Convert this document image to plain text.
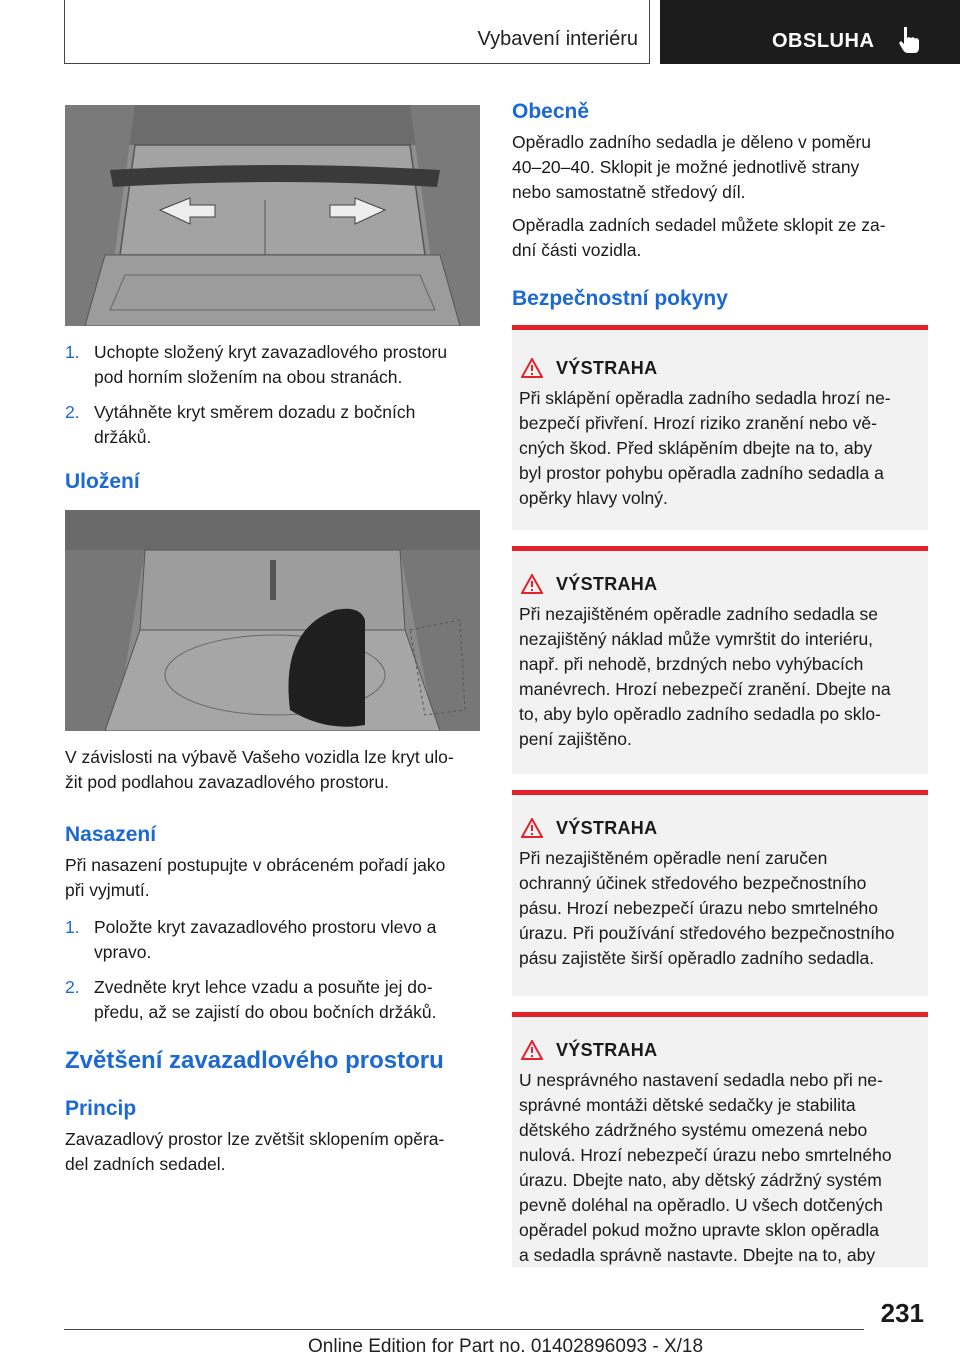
Vybavení interiéru	OBSLUHA
1. Uchopte složený kryt zavazadlového prostoru
pod horním složením na obou stranách.
2. Vytáhněte kryt směrem dozadu z bočních
držáků.
Uložení

V závislosti na výbavě Vašeho vozidla lze kryt ulo-
žit pod podlahou zavazadlového prostoru.

Nasazení

Při nasazení postupujte v obráceném pořadí jako
při vyjmutí.

1. Položte kryt zavazadlového prostoru vlevo a
vpravo.
2. Zvedněte kryt lehce vzadu a posuňte jej do-
předu, až se zajistí do obou bočních držáků.
Zvětšení zavazadlového prostoru
Princip

Zavazadlový prostor lze zvětšit sklopením opěra-
del zadních sedadel.

Obecně

Opěradlo zadního sedadla je děleno v poměru
40–20–40. Sklopit je možné jednotlivě strany
nebo samostatně středový díl.

Opěradla zadních sedadel můžete sklopit ze za-
dní části vozidla.

Bezpečnostní pokyny
VÝSTRAHA
Při sklápění opěradla zadního sedadla hrozí ne-
bezpečí přivření. Hrozí riziko zranění nebo vě-
cných škod. Před sklápěním dbejte na to, aby
byl prostor pohybu opěradla zadního sedadla a
opěrky hlavy volný.
VÝSTRAHA
Při nezajištěném opěradle zadního sedadla se
nezajištěný náklad může vymrštit do interiéru,
např. při nehodě, brzdných nebo vyhýbacích
manévrech. Hrozí nebezpečí zranění. Dbejte na
to, aby bylo opěradlo zadního sedadla po sklo-
pení zajištěno.
VÝSTRAHA
Při nezajištěném opěradle není zaručen
ochranný účinek středového bezpečnostního
pásu. Hrozí nebezpečí úrazu nebo smrtelného
úrazu. Při používání středového bezpečnostního
pásu zajistěte širší opěradlo zadního sedadla.
VÝSTRAHA
U nesprávného nastavení sedadla nebo při ne-
správné montáži dětské sedačky je stabilita
dětského zádržného systému omezená nebo
nulová. Hrozí nebezpečí úrazu nebo smrtelného
úrazu. Dbejte nato, aby dětský zádržný systém
pevně doléhal na opěradlo. U všech dotčených
opěradel pokud možno upravte sklon opěradla
a sedadla správně nastavte. Dbejte na to, aby
231
Online Edition for Part no. 01402896093 - X/18
